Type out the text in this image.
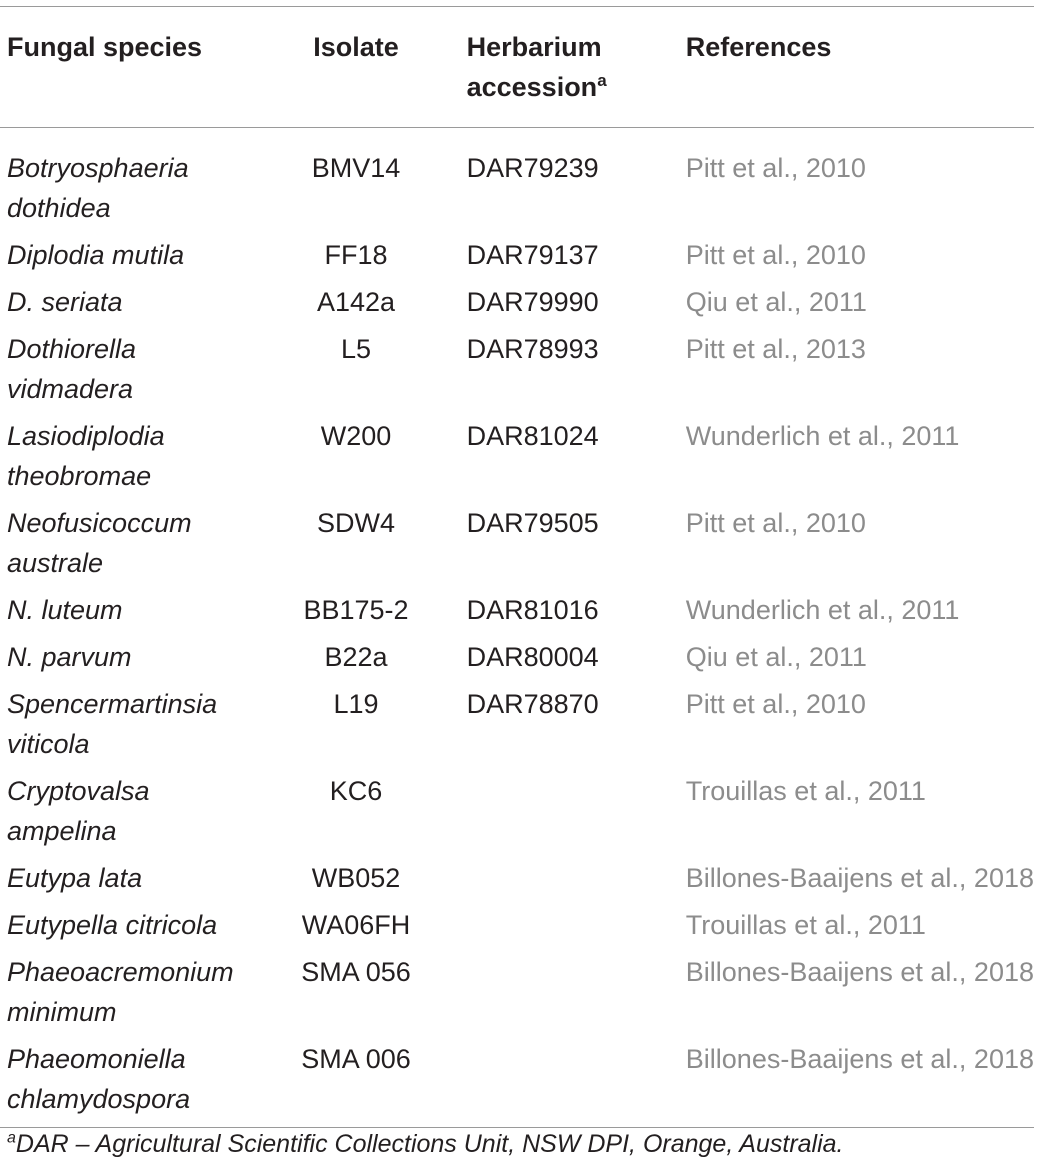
Fungal species	Isolate	Herbarium
accession$^a$	References
Botryosphaeria
dothidea	BMV14	DAR79239	Pitt et al., 2010
Diplodia mutila	FF18	DAR79137	Pitt et al., 2010
D. seriata	A142a	DAR79990	Qiu et al., 2011
Dothiorella
vidmadera	L5	DAR78993	Pitt et al., 2013
Lasiodiplodia
theobromae	W200	DAR81024	Wunderlich et al., 2011
Neofusicoccum
australe	SDW4	DAR79505	Pitt et al., 2010
N. luteum	BB175-2	DAR81016	Wunderlich et al., 2011
N. parvum	B22a	DAR80004	Qiu et al., 2011
Spencermartinsia
viticola	L19	DAR78870	Pitt et al., 2010
Cryptovalsa
ampelina	KC6		Trouillas et al., 2011
Eutypa lata	WB052		Billones-Baaijens et al., 2018
Eutypella citricola	WA06FH		Trouillas et al., 2011
Phaeoacremonium
minimum	SMA 056		Billones-Baaijens et al., 2018
Phaeomoniella
chlamydospora	SMA 006		Billones-Baaijens et al., 2018
$^a$DAR – Agricultural Scientific Collections Unit, NSW DPI, Orange, Australia.
